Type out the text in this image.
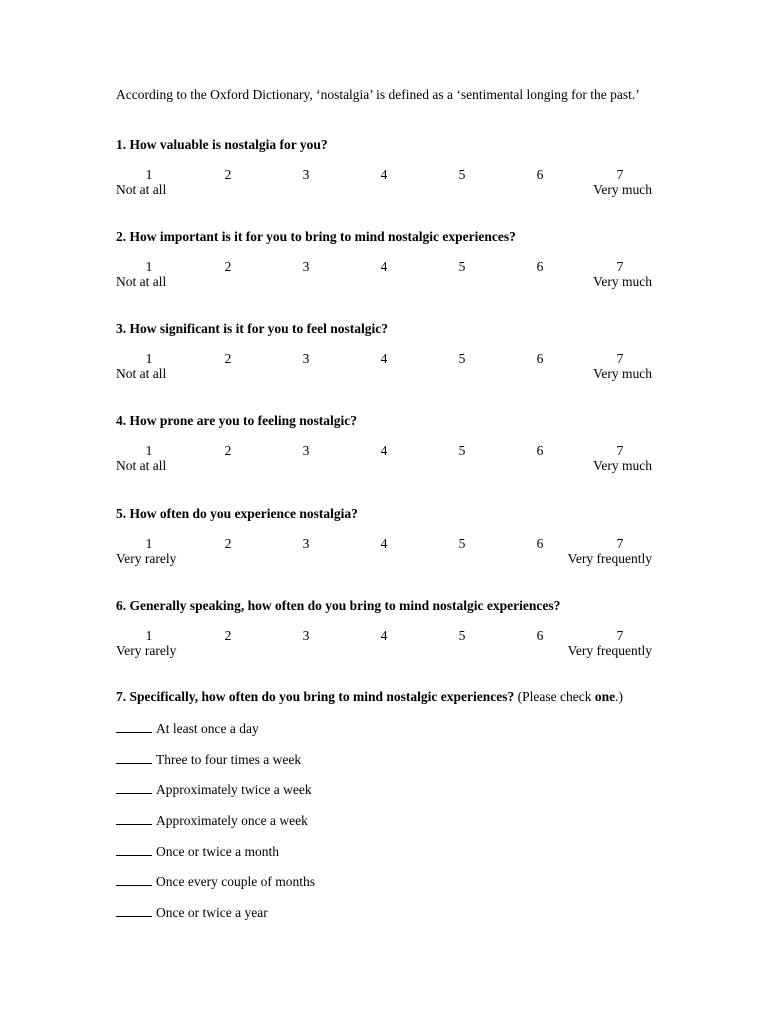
According to the Oxford Dictionary, ‘nostalgia’ is defined as a ‘sentimental longing for the past.’

1. How valuable is nostalgia for you?

1	2	3	4	5	6	7
Not at all	Very much

2. How important is it for you to bring to mind nostalgic experiences?

1	2	3	4	5	6	7
Not at all	Very much

3. How significant is it for you to feel nostalgic?

1	2	3	4	5	6	7
Not at all	Very much

4. How prone are you to feeling nostalgic?

1	2	3	4	5	6	7
Not at all	Very much

5. How often do you experience nostalgia?

1	2	3	4	5	6	7
Very rarely	Very frequently

6. Generally speaking, how often do you bring to mind nostalgic experiences?

1	2	3	4	5	6	7
Very rarely	Very frequently

7. Specifically, how often do you bring to mind nostalgic experiences? (Please check one.)

At least once a day
Three to four times a week
Approximately twice a week
Approximately once a week
Once or twice a month
Once every couple of months
Once or twice a year
